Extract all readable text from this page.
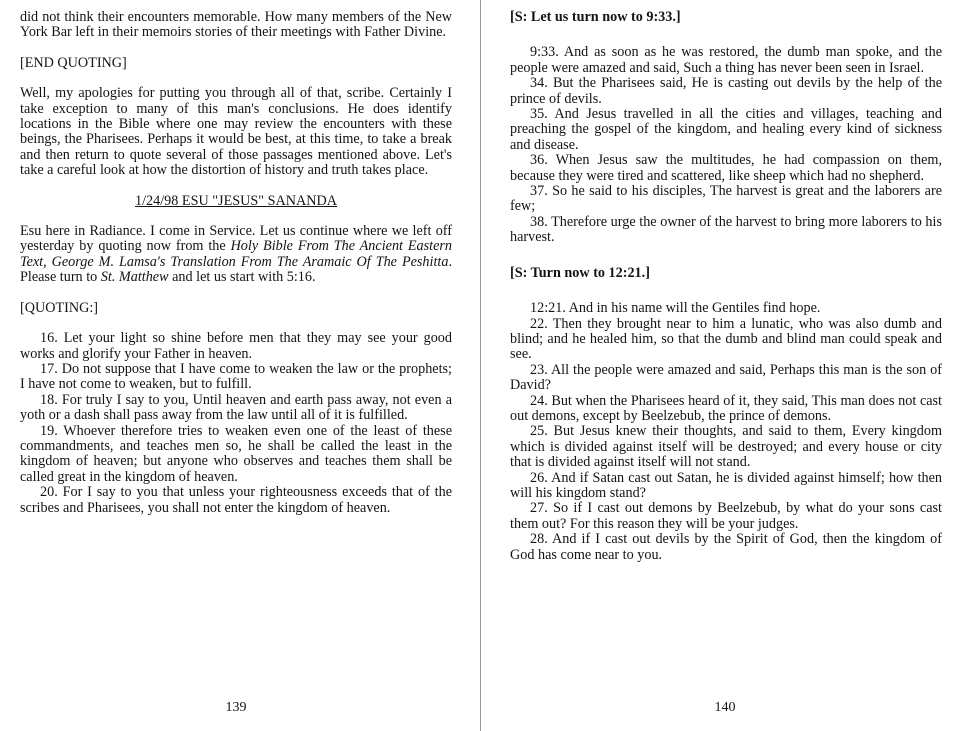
did not think their encounters memorable. How many members of the New York Bar left in their memoirs stories of their meetings with Father Divine.

[END QUOTING]

Well, my apologies for putting you through all of that, scribe. Certainly I take exception to many of this man's conclusions. He does identify locations in the Bible where one may review the encounters with these beings, the Pharisees. Perhaps it would be best, at this time, to take a break and then return to quote several of those passages mentioned above. Let's take a careful look at how the distortion of history and truth takes place.

1/24/98 ESU "JESUS" SANANDA

Esu here in Radiance. I come in Service. Let us continue where we left off yesterday by quoting now from the Holy Bible From The Ancient Eastern Text, George M. Lamsa's Translation From The Aramaic Of The Peshitta. Please turn to St. Matthew and let us start with 5:16.

[QUOTING:]

16. Let your light so shine before men that they may see your good works and glorify your Father in heaven.

17. Do not suppose that I have come to weaken the law or the prophets; I have not come to weaken, but to fulfill.

18. For truly I say to you, Until heaven and earth pass away, not even a yoth or a dash shall pass away from the law until all of it is fulfilled.

19. Whoever therefore tries to weaken even one of the least of these commandments, and teaches men so, he shall be called the least in the kingdom of heaven; but anyone who observes and teaches them shall be called great in the kingdom of heaven.

20. For I say to you that unless your righteousness exceeds that of the scribes and Pharisees, you shall not enter the kingdom of heaven.

139

[S: Let us turn now to 9:33.]

9:33. And as soon as he was restored, the dumb man spoke, and the people were amazed and said, Such a thing has never been seen in Israel.

34. But the Pharisees said, He is casting out devils by the help of the prince of devils.

35. And Jesus travelled in all the cities and villages, teaching and preaching the gospel of the kingdom, and healing every kind of sickness and disease.

36. When Jesus saw the multitudes, he had compassion on them, because they were tired and scattered, like sheep which had no shepherd.

37. So he said to his disciples, The harvest is great and the laborers are few;

38. Therefore urge the owner of the harvest to bring more laborers to his harvest.

[S: Turn now to 12:21.]

12:21. And in his name will the Gentiles find hope.

22. Then they brought near to him a lunatic, who was also dumb and blind; and he healed him, so that the dumb and blind man could speak and see.

23. All the people were amazed and said, Perhaps this man is the son of David?

24. But when the Pharisees heard of it, they said, This man does not cast out demons, except by Beelzebub, the prince of demons.

25. But Jesus knew their thoughts, and said to them, Every kingdom which is divided against itself will be destroyed; and every house or city that is divided against itself will not stand.

26. And if Satan cast out Satan, he is divided against himself; how then will his kingdom stand?

27. So if I cast out demons by Beelzebub, by what do your sons cast them out? For this reason they will be your judges.

28. And if I cast out devils by the Spirit of God, then the kingdom of God has come near to you.

140
